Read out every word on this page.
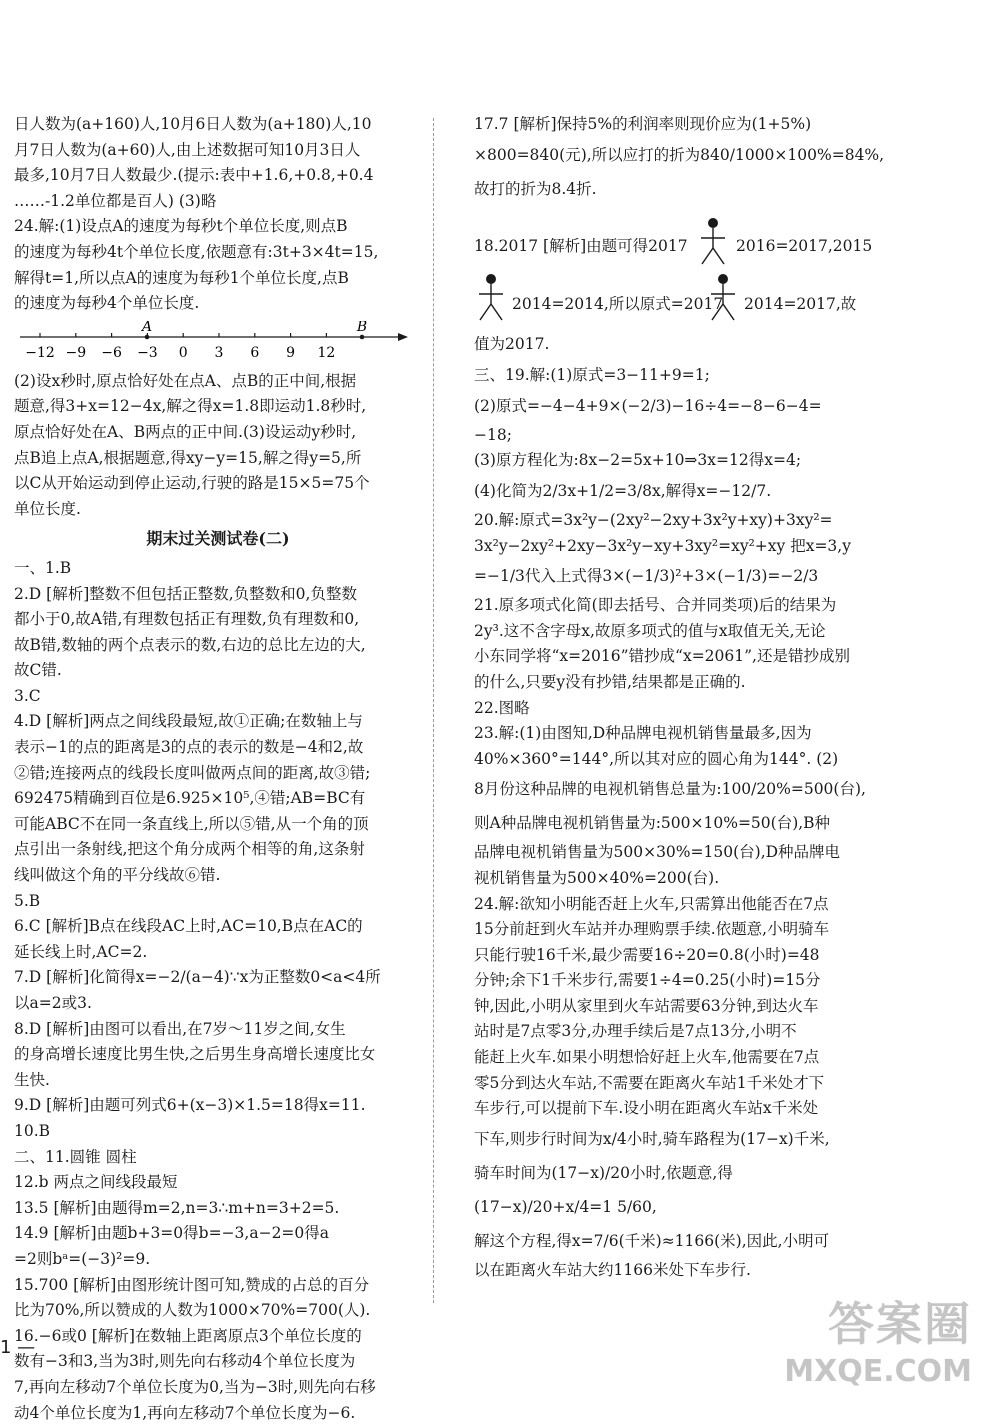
日人数为(a+160)人,10月6日人数为(a+180)人,10
月7日人数为(a+60)人,由上述数据可知10月3日人
最多,10月7日人数最少.(提示:表中+1.6,+0.8,+0.4
……-1.2单位都是百人) (3)略
24.解:(1)设点A的速度为每秒t个单位长度,则点B
的速度为每秒4t个单位长度,依题意有:3t+3×4t=15,
解得t=1,所以点A的速度为每秒1个单位长度,点B
的速度为每秒4个单位长度.
−12 −9 −6 −3 0 3 6 9 12
A	B
(2)设x秒时,原点恰好处在点A、点B的正中间,根据
题意,得3+x=12−4x,解之得x=1.8即运动1.8秒时,
原点恰好处在A、B两点的正中间.(3)设运动y秒时,
点B追上点A,根据题意,得xy−y=15,解之得y=5,所
以C从开始运动到停止运动,行驶的路是15×5=75个
单位长度.
期末过关测试卷(二)
一、1.B
2.D [解析]整数不但包括正整数,负整数和0,负整数
都小于0,故A错,有理数包括正有理数,负有理数和0,
故B错,数轴的两个点表示的数,右边的总比左边的大,
故C错.
3.C
4.D [解析]两点之间线段最短,故①正确;在数轴上与
表示−1的点的距离是3的点的表示的数是−4和2,故
②错;连接两点的线段长度叫做两点间的距离,故③错;
692475精确到百位是6.925×10⁵,④错;AB=BC有
可能ABC不在同一条直线上,所以⑤错,从一个角的顶
点引出一条射线,把这个角分成两个相等的角,这条射
线叫做这个角的平分线故⑥错.
5.B
6.C [解析]B点在线段AC上时,AC=10,B点在AC的
延长线上时,AC=2.
7.D [解析]化简得x=−2/(a−4)∵x为正整数0<a<4所
以a=2或3.
8.D [解析]由图可以看出,在7岁～11岁之间,女生
的身高增长速度比男生快,之后男生身高增长速度比女
生快.
9.D [解析]由题可列式6+(x−3)×1.5=18得x=11.
10.B
二、11.圆锥 圆柱
12.b 两点之间线段最短
13.5 [解析]由题得m=2,n=3∴m+n=3+2=5.
14.9 [解析]由题b+3=0得b=−3,a−2=0得a
=2则bᵃ=(−3)²=9.
15.700 [解析]由图形统计图可知,赞成的占总的百分
比为70%,所以赞成的人数为1000×70%=700(人).
16.−6或0 [解析]在数轴上距离原点3个单位长度的
数有−3和3,当为3时,则先向右移动4个单位长度为
7,再向左移动7个单位长度为0,当为−3时,则先向右移
动4个单位长度为1,再向左移动7个单位长度为−6.
17.7 [解析]保持5%的利润率则现价应为(1+5%)
×800=840(元),所以应打的折为840/1000×100%=84%,
故打的折为8.4折.
18.2017 [解析]由题可得2017	2016=2017,2015
2014=2014,所以原式=2017 2014=2017,故
值为2017.
三、19.解:(1)原式=3−11+9=1;
(2)原式=−4−4+9×(−2/3)−16÷4=−8−6−4=
−18;
(3)原方程化为:8x−2=5x+10⇒3x=12得x=4;
(4)化简为2/3x+1/2=3/8x,解得x=−12/7.
20.解:原式=3x²y−(2xy²−2xy+3x²y+xy)+3xy²=
3x²y−2xy²+2xy−3x²y−xy+3xy²=xy²+xy 把x=3,y
=−1/3代入上式得3×(−1/3)²+3×(−1/3)=−2/3
21.原多项式化简(即去括号、合并同类项)后的结果为
2y³.这不含字母x,故原多项式的值与x取值无关,无论
小东同学将“x=2016”错抄成“x=2061”,还是错抄成别
的什么,只要y没有抄错,结果都是正确的.
22.图略
23.解:(1)由图知,D种品牌电视机销售量最多,因为
40%×360°=144°,所以其对应的圆心角为144°. (2)
8月份这种品牌的电视机销售总量为:100/20%=500(台),
则A种品牌电视机销售量为:500×10%=50(台),B种
品牌电视机销售量为500×30%=150(台),D种品牌电
视机销售量为500×40%=200(台).
24.解:欲知小明能否赶上火车,只需算出他能否在7点
15分前赶到火车站并办理购票手续.依题意,小明骑车
只能行驶16千米,最少需要16÷20=0.8(小时)=48
分钟;余下1千米步行,需要1÷4=0.25(小时)=15分
钟,因此,小明从家里到火车站需要63分钟,到达火车
站时是7点零3分,办理手续后是7点13分,小明不
能赶上火车.如果小明想恰好赶上火车,他需要在7点
零5分到达火车站,不需要在距离火车站1千米处才下
车步行,可以提前下车.设小明在距离火车站x千米处
下车,则步行时间为x/4小时,骑车路程为(17−x)千米,
骑车时间为(17−x)/20小时,依题意,得
(17−x)/20+x/4=1 5/60,
解这个方程,得x=7/6(千米)≈1166(米),因此,小明可
以在距离火车站大约1166米处下车步行.
1 —	答案圈
MXQE.COM
